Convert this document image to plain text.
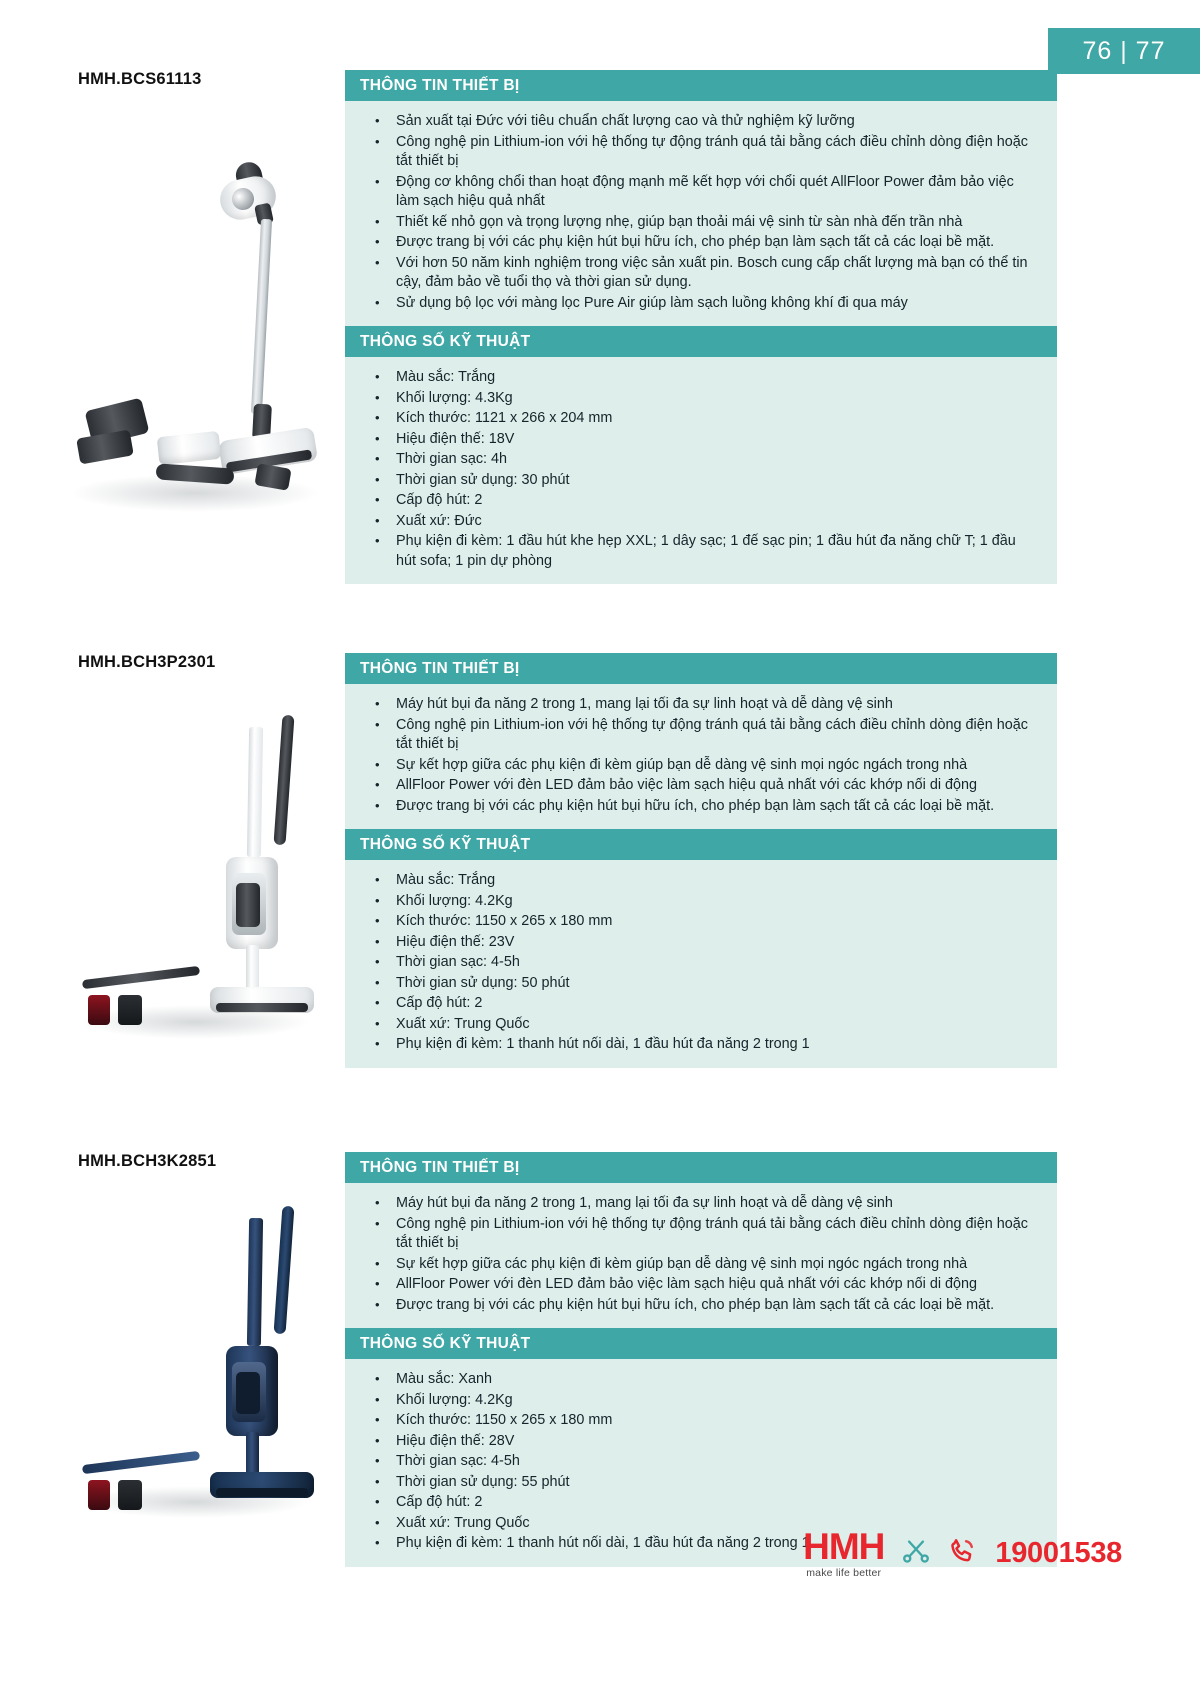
76 | 77
HMH.BCS61113	THÔNG TIN THIẾT BỊ
• Sản xuất tại Đức với tiêu chuẩn chất lượng cao và thử nghiệm kỹ lưỡng
• Công nghệ pin Lithium-ion với hệ thống tự động tránh quá tải bằng cách điều chỉnh dòng điện hoặc tắt thiết bị
• Động cơ không chổi than hoạt động mạnh mẽ kết hợp với chổi quét AllFloor Power đảm bảo việc làm sạch hiệu quả nhất
• Thiết kế nhỏ gọn và trọng lượng nhẹ, giúp bạn thoải mái vệ sinh từ sàn nhà đến trần nhà
• Được trang bị với các phụ kiện hút bụi hữu ích, cho phép bạn làm sạch tất cả các loại bề mặt.
• Với hơn 50 năm kinh nghiệm trong việc sản xuất pin. Bosch cung cấp chất lượng mà bạn có thể tin cậy, đảm bảo về tuổi thọ và thời gian sử dụng.
• Sử dụng bộ lọc với màng lọc Pure Air giúp làm sạch luồng không khí đi qua máy
THÔNG SỐ KỸ THUẬT
• Màu sắc: Trắng
• Khối lượng: 4.3Kg
• Kích thước: 1121 x 266 x 204 mm
• Hiệu điện thế: 18V
• Thời gian sạc: 4h
• Thời gian sử dụng: 30 phút
• Cấp độ hút: 2
• Xuất xứ: Đức
• Phụ kiện đi kèm: 1 đầu hút khe hẹp XXL; 1 dây sạc; 1 đế sạc pin; 1 đầu hút đa năng chữ T; 1 đầu hút sofa; 1 pin dự phòng
HMH.BCH3P2301	THÔNG TIN THIẾT BỊ
• Máy hút bụi đa năng 2 trong 1, mang lại tối đa sự linh hoạt và dễ dàng vệ sinh
• Công nghệ pin Lithium-ion với hệ thống tự động tránh quá tải bằng cách điều chỉnh dòng điện hoặc tắt thiết bị
• Sự kết hợp giữa các phụ kiện đi kèm giúp bạn dễ dàng vệ sinh mọi ngóc ngách trong nhà
• AllFloor Power với đèn LED đảm bảo việc làm sạch hiệu quả nhất với các khớp nối di động
• Được trang bị với các phụ kiện hút bụi hữu ích, cho phép bạn làm sạch tất cả các loại bề mặt.
THÔNG SỐ KỸ THUẬT
• Màu sắc: Trắng
• Khối lượng: 4.2Kg
• Kích thước: 1150 x 265 x 180 mm
• Hiệu điện thế: 23V
• Thời gian sạc: 4-5h
• Thời gian sử dụng: 50 phút
• Cấp độ hút: 2
• Xuất xứ: Trung Quốc
• Phụ kiện đi kèm: 1 thanh hút nối dài, 1 đầu hút đa năng 2 trong 1
HMH.BCH3K2851	THÔNG TIN THIẾT BỊ
• Máy hút bụi đa năng 2 trong 1, mang lại tối đa sự linh hoạt và dễ dàng vệ sinh
• Công nghệ pin Lithium-ion với hệ thống tự động tránh quá tải bằng cách điều chỉnh dòng điện hoặc tắt thiết bị
• Sự kết hợp giữa các phụ kiện đi kèm giúp bạn dễ dàng vệ sinh mọi ngóc ngách trong nhà
• AllFloor Power với đèn LED đảm bảo việc làm sạch hiệu quả nhất với các khớp nối di động
• Được trang bị với các phụ kiện hút bụi hữu ích, cho phép bạn làm sạch tất cả các loại bề mặt.
THÔNG SỐ KỸ THUẬT
• Màu sắc: Xanh
• Khối lượng: 4.2Kg
• Kích thước: 1150 x 265 x 180 mm
• Hiệu điện thế: 28V
• Thời gian sạc: 4-5h
• Thời gian sử dụng: 55 phút
• Cấp độ hút: 2
• Xuất xứ: Trung Quốc
• Phụ kiện đi kèm: 1 thanh hút nối dài, 1 đầu hút đa năng 2 trong 1
HMH
make life better
19001538
